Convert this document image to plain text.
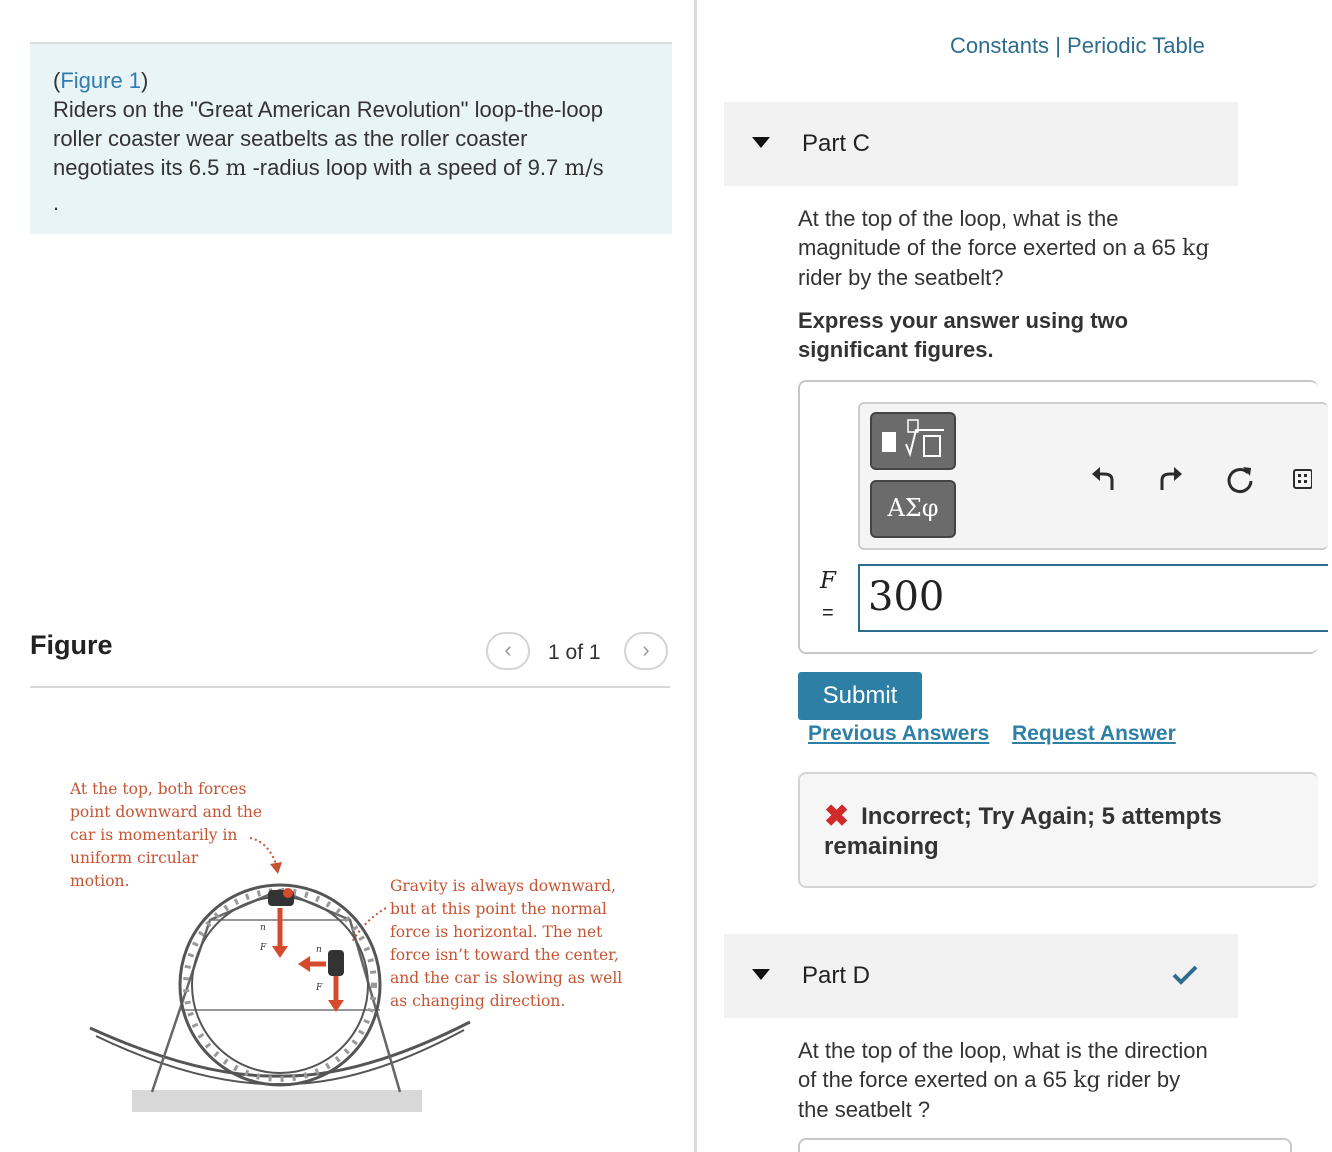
(Figure 1)
Riders on the "Great American Revolution" loop-the-loop
roller coaster wear seatbelts as the roller coaster
negotiates its 6.5 m -radius loop with a speed of 9.7 m/s
.
Figure	‹	1 of 1	›
At the top, both forces
point downward and the
car is momentarily in
uniform circular
motion.	Gravity is always downward,
but at this point the normal
force is horizontal. The net
force isn’t toward the center,
and the car is slowing as well
as changing direction.
n
F	n
F
Constants | Periodic Table
Part C
At the top of the loop, what is the
magnitude of the force exerted on a 65 kg
rider by the seatbelt?
Express your answer using two significant figures.
ΑΣφ
F
= 300
Submit
Previous Answers Request Answer
✖ Incorrect; Try Again; 5 attempts remaining
Part D
At the top of the loop, what is the direction
of the force exerted on a 65 kg rider by
the seatbelt ?
